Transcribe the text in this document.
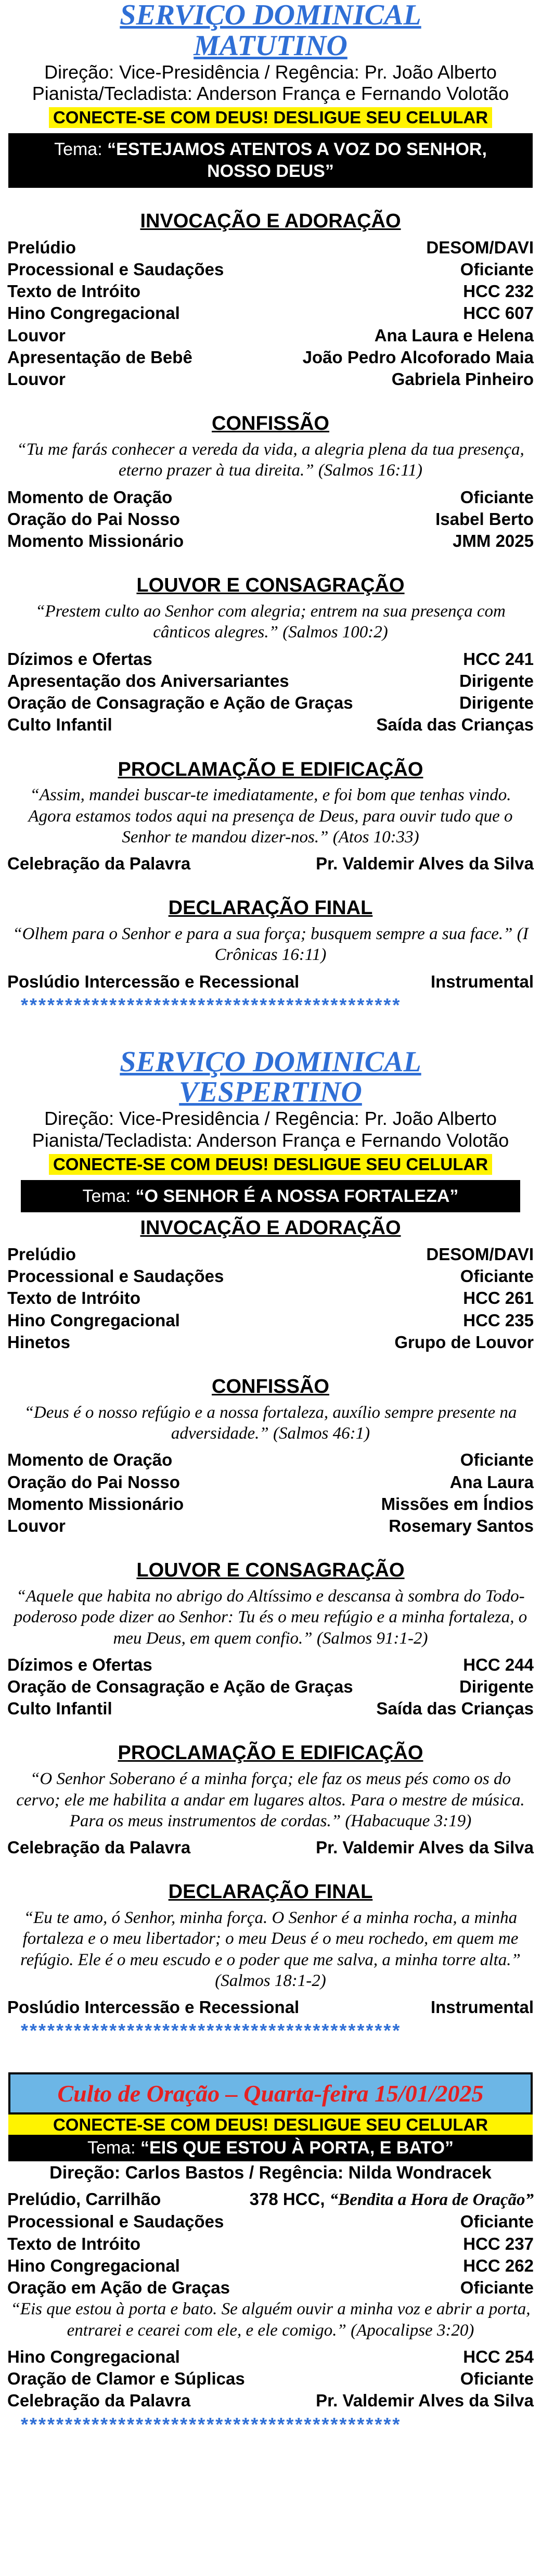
SERVIÇO DOMINICAL
MATUTINO
Direção: Vice-Presidência / Regência: Pr. João Alberto
Pianista/Tecladista: Anderson França e Fernando Volotão
CONECTE-SE COM DEUS! DESLIGUE SEU CELULAR
Tema: “ESTEJAMOS ATENTOS A VOZ DO SENHOR,
NOSSO DEUS”
INVOCAÇÃO E ADORAÇÃO
Prelúdio	DESOM/DAVI
Processional e Saudações	Oficiante
Texto de Intróito	HCC 232
Hino Congregacional	HCC 607
Louvor	Ana Laura e Helena
Apresentação de Bebê	João Pedro Alcoforado Maia
Louvor	Gabriela Pinheiro
CONFISSÃO
“Tu me farás conhecer a vereda da vida, a alegria plena da tua presença, eterno prazer à tua direita.” (Salmos 16:11)
Momento de Oração	Oficiante
Oração do Pai Nosso	Isabel Berto
Momento Missionário	JMM 2025
LOUVOR E CONSAGRAÇÃO
“Prestem culto ao Senhor com alegria; entrem na sua presença com cânticos alegres.” (Salmos 100:2)
Dízimos e Ofertas	HCC 241
Apresentação dos Aniversariantes	Dirigente
Oração de Consagração e Ação de Graças	Dirigente
Culto Infantil	Saída das Crianças
PROCLAMAÇÃO E EDIFICAÇÃO
“Assim, mandei buscar-te imediatamente, e foi bom que tenhas vindo. Agora estamos todos aqui na presença de Deus, para ouvir tudo que o Senhor te mandou dizer-nos.” (Atos 10:33)
Celebração da Palavra	Pr. Valdemir Alves da Silva
DECLARAÇÃO FINAL
“Olhem para o Senhor e para a sua força; busquem sempre a sua face.” (I Crônicas 16:11)
Poslúdio Intercessão e Recessional	Instrumental
*******************************************
SERVIÇO DOMINICAL
VESPERTINO
Direção: Vice-Presidência / Regência: Pr. João Alberto
Pianista/Tecladista: Anderson França e Fernando Volotão
CONECTE-SE COM DEUS! DESLIGUE SEU CELULAR
Tema: “O SENHOR É A NOSSA FORTALEZA”
INVOCAÇÃO E ADORAÇÃO
Prelúdio	DESOM/DAVI
Processional e Saudações	Oficiante
Texto de Intróito	HCC 261
Hino Congregacional	HCC 235
Hinetos	Grupo de Louvor
CONFISSÃO
“Deus é o nosso refúgio e a nossa fortaleza, auxílio sempre presente na adversidade.” (Salmos 46:1)
Momento de Oração	Oficiante
Oração do Pai Nosso	Ana Laura
Momento Missionário	Missões em Índios
Louvor	Rosemary Santos
LOUVOR E CONSAGRAÇÃO
“Aquele que habita no abrigo do Altíssimo e descansa à sombra do Todo-poderoso pode dizer ao Senhor: Tu és o meu refúgio e a minha fortaleza, o meu Deus, em quem confio.” (Salmos 91:1-2)
Dízimos e Ofertas	HCC 244
Oração de Consagração e Ação de Graças	Dirigente
Culto Infantil	Saída das Crianças
PROCLAMAÇÃO E EDIFICAÇÃO
“O Senhor Soberano é a minha força; ele faz os meus pés como os do cervo; ele me habilita a andar em lugares altos. Para o mestre de música. Para os meus instrumentos de cordas.” (Habacuque 3:19)
Celebração da Palavra	Pr. Valdemir Alves da Silva
DECLARAÇÃO FINAL
“Eu te amo, ó Senhor, minha força. O Senhor é a minha rocha, a minha fortaleza e o meu libertador; o meu Deus é o meu rochedo, em quem me refúgio. Ele é o meu escudo e o poder que me salva, a minha torre alta.” (Salmos 18:1-2)
Poslúdio Intercessão e Recessional	Instrumental
*******************************************
Culto de Oração – Quarta-feira 15/01/2025
CONECTE-SE COM DEUS! DESLIGUE SEU CELULAR
Tema: “EIS QUE ESTOU À PORTA, E BATO”
Direção: Carlos Bastos / Regência: Nilda Wondracek
Prelúdio, Carrilhão	378 HCC, “Bendita a Hora de Oração”
Processional e Saudações	Oficiante
Texto de Intróito	HCC 237
Hino Congregacional	HCC 262
Oração em Ação de Graças	Oficiante
“Eis que estou à porta e bato. Se alguém ouvir a minha voz e abrir a porta, entrarei e cearei com ele, e ele comigo.” (Apocalipse 3:20)
Hino Congregacional	HCC 254
Oração de Clamor e Súplicas	Oficiante
Celebração da Palavra	Pr. Valdemir Alves da Silva
*******************************************
